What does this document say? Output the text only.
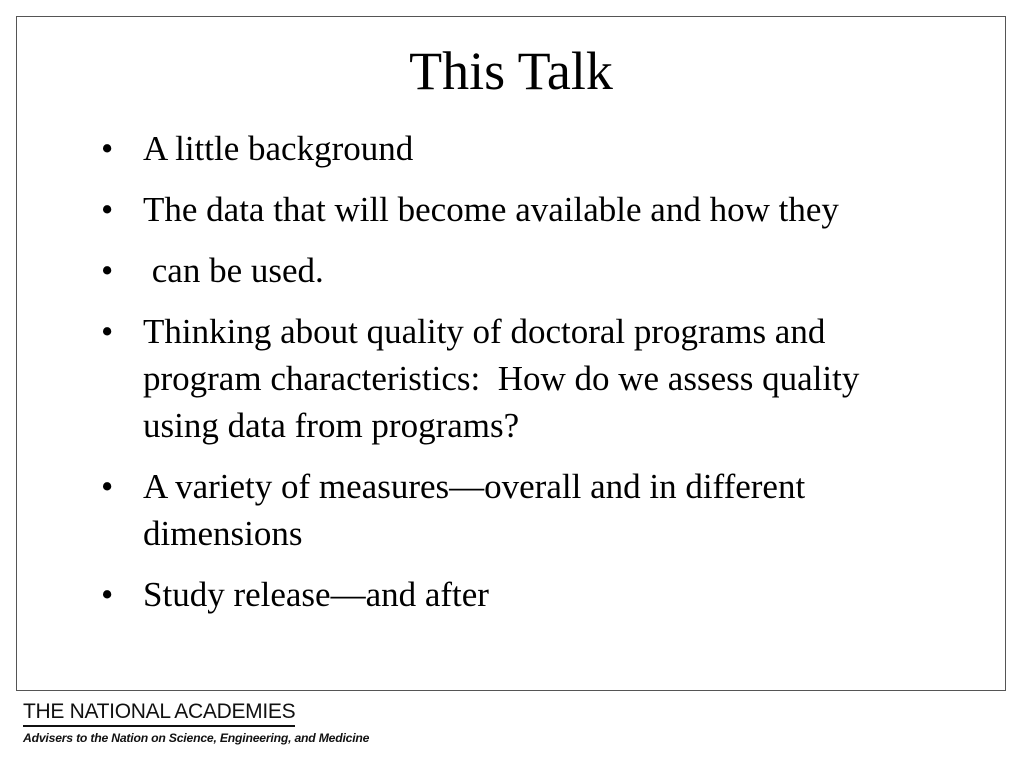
This Talk
• A little background
• The data that will become available and how they
• can be used.
• Thinking about quality of doctoral programs and program characteristics:  How do we assess quality using data from programs?
• A variety of measures—overall and in different dimensions
• Study release—and after
THE NATIONAL ACADEMIES
Advisers to the Nation on Science, Engineering, and Medicine
